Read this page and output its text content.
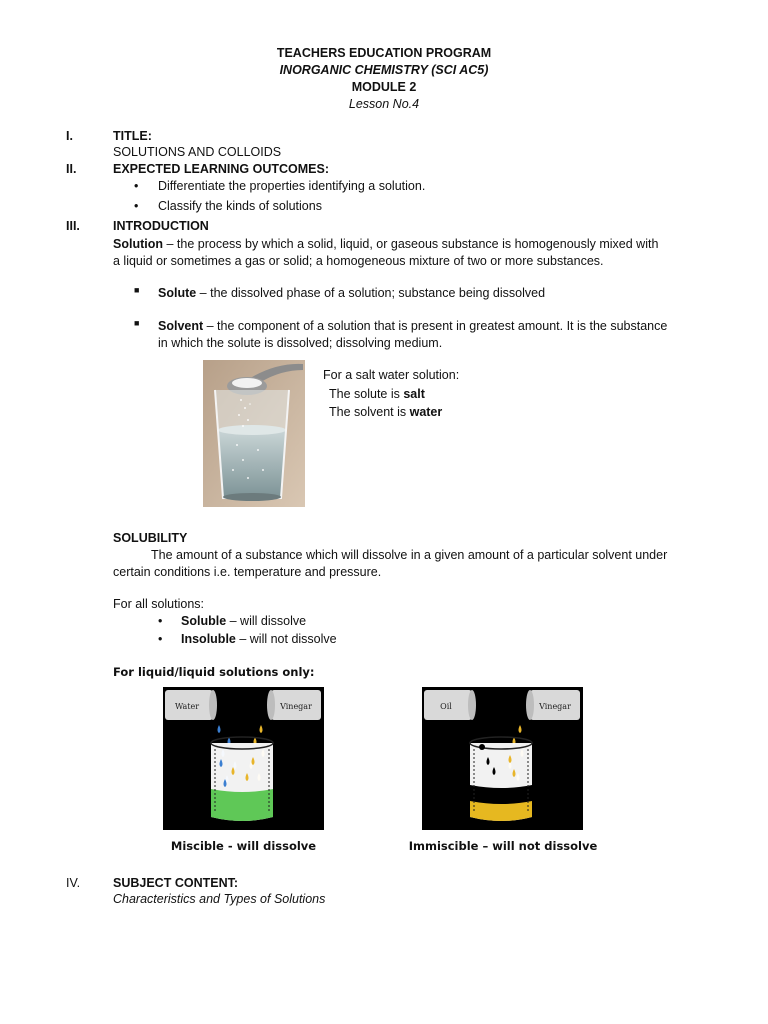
TEACHERS EDUCATION PROGRAM
INORGANIC CHEMISTRY (SCI AC5)
MODULE 2
Lesson No.4
I.	TITLE:
SOLUTIONS AND COLLOIDS
II.	EXPECTED LEARNING OUTCOMES:
• Differentiate the properties identifying a solution.
• Classify the kinds of solutions
III.	INTRODUCTION

Solution – the process by which a solid, liquid, or gaseous substance is homogenously mixed with

a liquid or sometimes a gas or solid; a homogeneous mixture of two or more substances.
■ Solute – the dissolved phase of a solution; substance being dissolved

■ Solvent – the component of a solution that is present in greatest amount. It is the substance

in which the solute is dissolved; dissolving medium.
For a salt water solution:

The solute is salt

The solvent is water

SOLUBILITY
The amount of a substance which will dissolve in a given amount of a particular solvent under
certain conditions i.e. temperature and pressure.
For all solutions:
• Soluble – will dissolve

• Insoluble – will not dissolve

For liquid/liquid solutions only:
Water	Vinegar
Miscible - will dissolve
Oil	Vinegar
Immiscible – will not dissolve
IV.	SUBJECT CONTENT:
Characteristics and Types of Solutions
